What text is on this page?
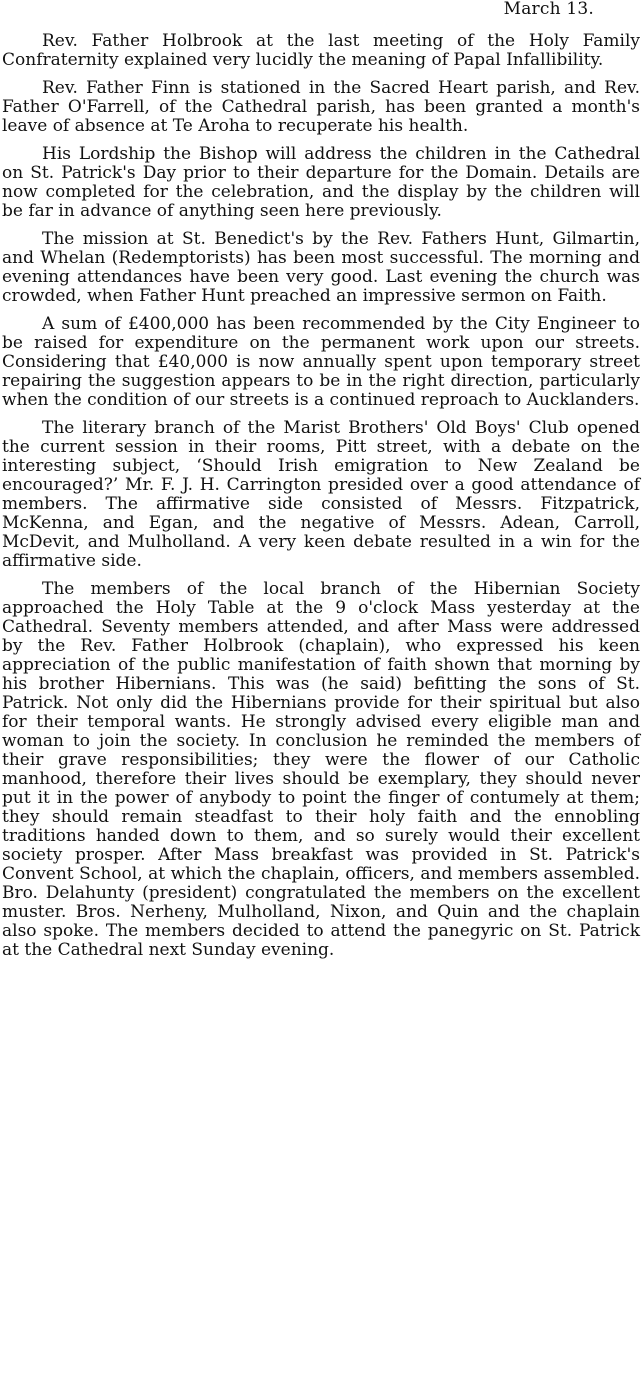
March 13.

Rev. Father Holbrook at the last meeting of the Holy Family Confraternity explained very lucidly the meaning of Papal Infallibility.

Rev. Father Finn is stationed in the Sacred Heart parish, and Rev. Father O'Farrell, of the Cathedral parish, has been granted a month's leave of absence at Te Aroha to recuperate his health.

His Lordship the Bishop will address the children in the Cathedral on St. Patrick's Day prior to their departure for the Domain. Details are now completed for the celebration, and the display by the children will be far in advance of anything seen here previously.

The mission at St. Benedict's by the Rev. Fathers Hunt, Gilmartin, and Whelan (Redemptorists) has been most successful. The morning and evening attendances have been very good. Last evening the church was crowded, when Father Hunt preached an impressive sermon on Faith.

A sum of £400,000 has been recommended by the City Engineer to be raised for expenditure on the permanent work upon our streets. Considering that £40,000 is now annually spent upon temporary street repairing the suggestion appears to be in the right direction, particularly when the condition of our streets is a continued reproach to Aucklanders.

The literary branch of the Marist Brothers' Old Boys' Club opened the current session in their rooms, Pitt street, with a debate on the interesting subject, ‘Should Irish emigration to New Zealand be encouraged?’ Mr. F. J. H. Carrington presided over a good attendance of members. The affirmative side consisted of Messrs. Fitzpatrick, McKenna, and Egan, and the negative of Messrs. Adean, Carroll, McDevit, and Mulholland. A very keen debate resulted in a win for the affirmative side.

The members of the local branch of the Hibernian Society approached the Holy Table at the 9 o'clock Mass yesterday at the Cathedral. Seventy members attended, and after Mass were addressed by the Rev. Father Holbrook (chaplain), who expressed his keen appreciation of the public manifestation of faith shown that morning by his brother Hibernians. This was (he said) befitting the sons of St. Patrick. Not only did the Hibernians provide for their spiritual but also for their temporal wants. He strongly advised every eligible man and woman to join the society. In conclusion he reminded the members of their grave responsibilities; they were the flower of our Catholic manhood, therefore their lives should be exemplary, they should never put it in the power of anybody to point the finger of contumely at them; they should remain steadfast to their holy faith and the ennobling traditions handed down to them, and so surely would their excellent society prosper. After Mass breakfast was provided in St. Patrick's Convent School, at which the chaplain, officers, and members assembled. Bro. Delahunty (president) congratulated the members on the excellent muster. Bros. Nerheny, Mulholland, Nixon, and Quin and the chaplain also spoke. The members decided to attend the panegyric on St. Patrick at the Cathedral next Sunday evening.
